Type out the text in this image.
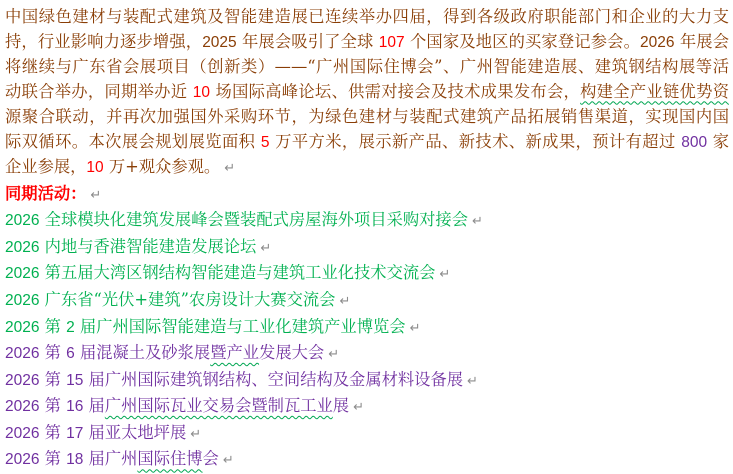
中国绿色建材与装配式建筑及智能建造展已连续举办四届，得到各级政府职能部门和企业的大力支
持，行业影响力逐步增强，2025 年展会吸引了全球 107 个国家及地区的买家登记参会。2026 年展会
将继续与广东省会展项目（创新类）——“广州国际住博会”、广州智能建造展、建筑钢结构展等活
动联合举办，同期举办近 10 场国际高峰论坛、供需对接会及技术成果发布会，构建全产业链优势资
源聚合联动，并再次加强国外采购环节，为绿色建材与装配式建筑产品拓展销售渠道，实现国内国
际双循环。本次展会规划展览面积 5 万平方米，展示新产品、新技术、新成果，预计有超过 800 家
企业参展，10 万+观众参观。 ↵
同期活动： ↵
2026 全球模块化建筑发展峰会暨装配式房屋海外项目采购对接会 ↵
2026 内地与香港智能建造发展论坛 ↵
2026 第五届大湾区钢结构智能建造与建筑工业化技术交流会 ↵
2026 广东省“光伏+建筑”农房设计大赛交流会 ↵
2026 第 2 届广州国际智能建造与工业化建筑产业博览会 ↵
2026 第 6 届混凝土及砂浆展暨产业发展大会 ↵
2026 第 15 届广州国际建筑钢结构、空间结构及金属材料设备展 ↵
2026 第 16 届广州国际瓦业交易会暨制瓦工业展 ↵
2026 第 17 届亚太地坪展 ↵
2026 第 18 届广州国际住博会 ↵
